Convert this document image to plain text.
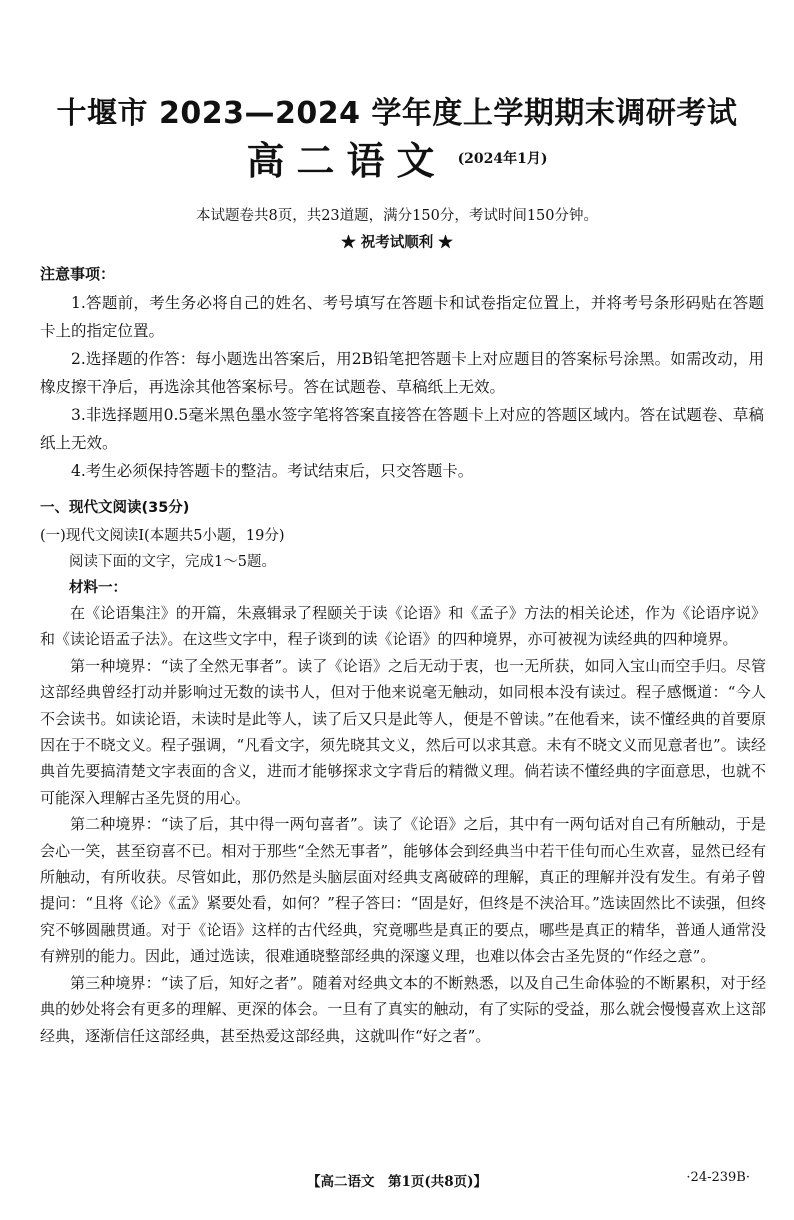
十堰市 2023—2024 学年度上学期期末调研考试
高二语文 (2024年1月)
本试题卷共8页，共23道题，满分150分，考试时间150分钟。
★ 祝考试顺利 ★
注意事项：

1.答题前，考生务必将自己的姓名、考号填写在答题卡和试卷指定位置上，并将考号条形码贴在答题卡上的指定位置。

2.选择题的作答：每小题选出答案后，用2B铅笔把答题卡上对应题目的答案标号涂黑。如需改动，用橡皮擦干净后，再选涂其他答案标号。答在试题卷、草稿纸上无效。

3.非选择题用0.5毫米黑色墨水签字笔将答案直接答在答题卡上对应的答题区域内。答在试题卷、草稿纸上无效。

4.考生必须保持答题卡的整洁。考试结束后，只交答题卡。

一、现代文阅读(35分)
(一)现代文阅读Ⅰ(本题共5小题，19分)
阅读下面的文字，完成1～5题。
材料一：

在《论语集注》的开篇，朱熹辑录了程颐关于读《论语》和《孟子》方法的相关论述，作为《论语序说》和《读论语孟子法》。在这些文字中，程子谈到的读《论语》的四种境界，亦可被视为读经典的四种境界。

第一种境界：“读了全然无事者”。读了《论语》之后无动于衷，也一无所获，如同入宝山而空手归。尽管这部经典曾经打动并影响过无数的读书人，但对于他来说毫无触动，如同根本没有读过。程子感慨道：“今人不会读书。如读论语，未读时是此等人，读了后又只是此等人，便是不曾读。”在他看来，读不懂经典的首要原因在于不晓文义。程子强调，“凡看文字，须先晓其文义，然后可以求其意。未有不晓文义而见意者也”。读经典首先要搞清楚文字表面的含义，进而才能够探求文字背后的精微义理。倘若读不懂经典的字面意思，也就不可能深入理解古圣先贤的用心。

第二种境界：“读了后，其中得一两句喜者”。读了《论语》之后，其中有一两句话对自己有所触动，于是会心一笑，甚至窃喜不已。相对于那些“全然无事者”，能够体会到经典当中若干佳句而心生欢喜，显然已经有所触动，有所收获。尽管如此，那仍然是头脑层面对经典支离破碎的理解，真正的理解并没有发生。有弟子曾提问：“且将《论》《孟》紧要处看，如何？”程子答曰：“固是好，但终是不浃洽耳。”选读固然比不读强，但终究不够圆融贯通。对于《论语》这样的古代经典，究竟哪些是真正的要点，哪些是真正的精华，普通人通常没有辨别的能力。因此，通过选读，很难通晓整部经典的深邃义理，也难以体会古圣先贤的“作经之意”。

第三种境界：“读了后，知好之者”。随着对经典文本的不断熟悉，以及自己生命体验的不断累积，对于经典的妙处将会有更多的理解、更深的体会。一旦有了真实的触动，有了实际的受益，那么就会慢慢喜欢上这部经典，逐渐信任这部经典，甚至热爱这部经典，这就叫作“好之者”。

【高二语文　第1页(共8页)】	·24-239B·
